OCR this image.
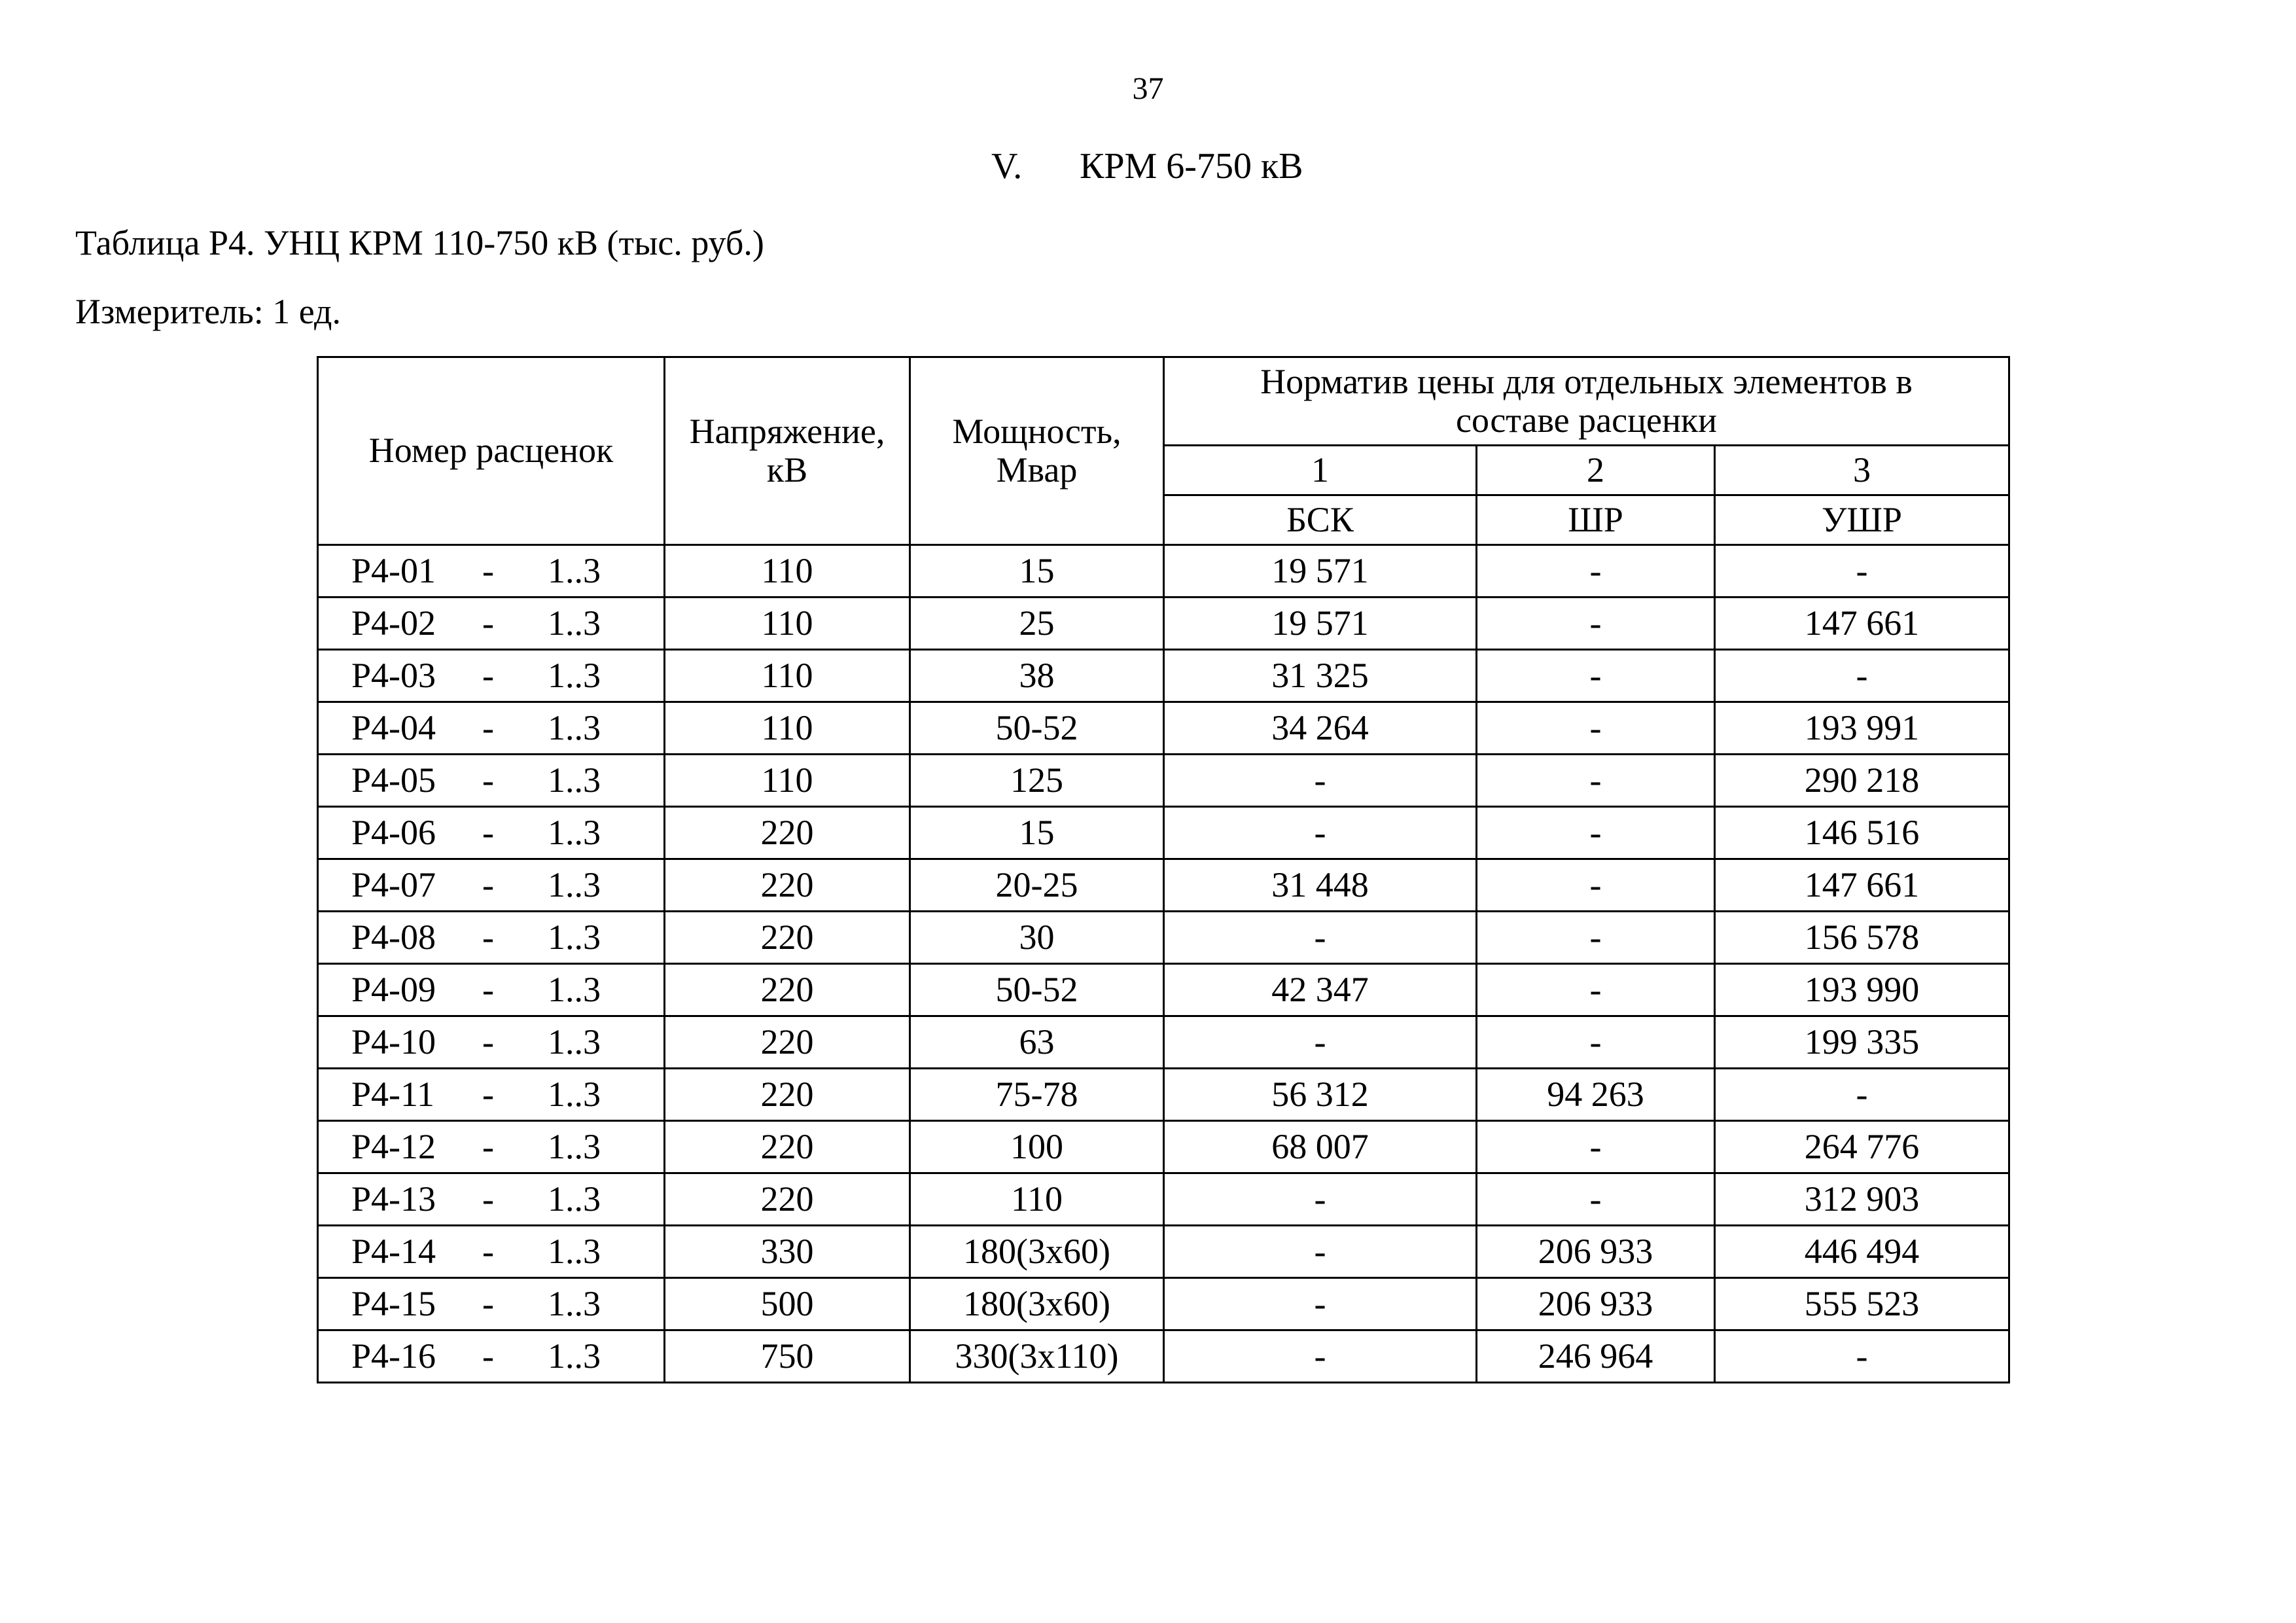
37
V. КРМ 6-750 кВ
Таблица Р4. УНЦ КРМ 110-750 кВ (тыс. руб.)
Измеритель: 1 ед.
Номер расценок	Напряжение, кВ	Мощность, Мвар	Норматив цены для отдельных элементов в составе расценки		
			1	2	3
			БСК	ШР	УШР
Р4-01 - 1..3	110	15	19 571	-	-
Р4-02 - 1..3	110	25	19 571	-	147 661
Р4-03 - 1..3	110	38	31 325	-	-
Р4-04 - 1..3	110	50-52	34 264	-	193 991
Р4-05 - 1..3	110	125	-	-	290 218
Р4-06 - 1..3	220	15	-	-	146 516
Р4-07 - 1..3	220	20-25	31 448	-	147 661
Р4-08 - 1..3	220	30	-	-	156 578
Р4-09 - 1..3	220	50-52	42 347	-	193 990
Р4-10 - 1..3	220	63	-	-	199 335
Р4-11 - 1..3	220	75-78	56 312	94 263	-
Р4-12 - 1..3	220	100	68 007	-	264 776
Р4-13 - 1..3	220	110	-	-	312 903
Р4-14 - 1..3	330	180(3х60)	-	206 933	446 494
Р4-15 - 1..3	500	180(3х60)	-	206 933	555 523
Р4-16 - 1..3	750	330(3х110)	-	246 964	-
